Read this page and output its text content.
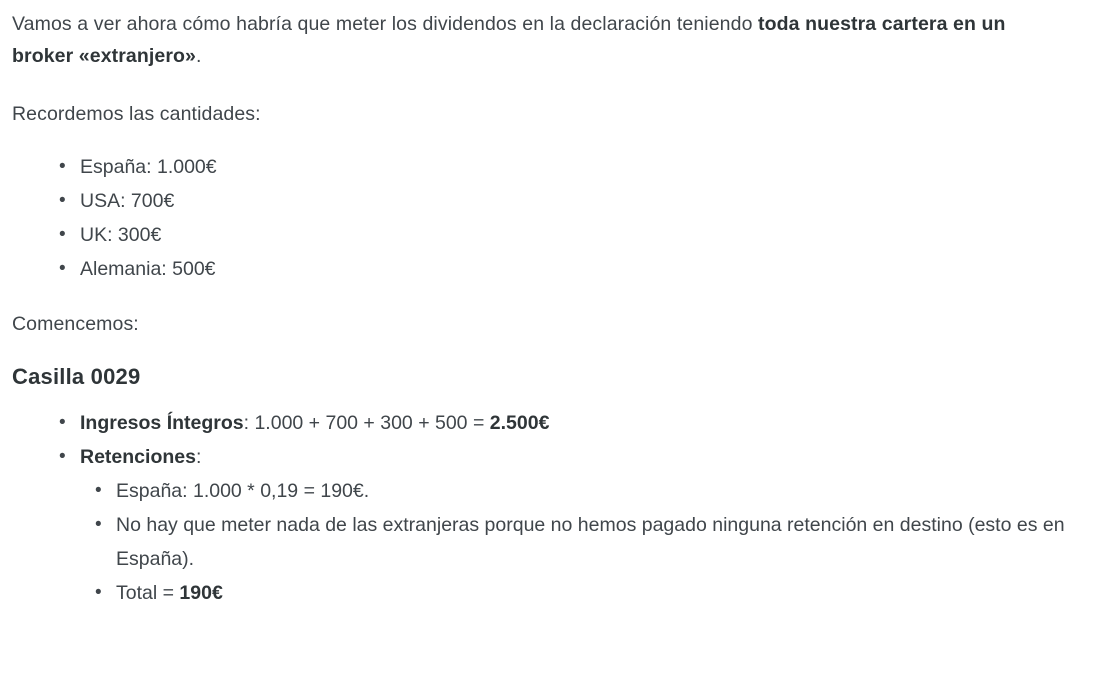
Vamos a ver ahora cómo habría que meter los dividendos en la declaración teniendo toda nuestra cartera en un broker «extranjero».

Recordemos las cantidades:

• España: 1.000€
• USA: 700€
• UK: 300€
• Alemania: 500€

Comencemos:

Casilla 0029
• Ingresos Íntegros: 1.000 + 700 + 300 + 500 = 2.500€
• Retenciones:
• España: 1.000 * 0,19 = 190€.
• No hay que meter nada de las extranjeras porque no hemos pagado ninguna retención en destino (esto es en España).
• Total = 190€
